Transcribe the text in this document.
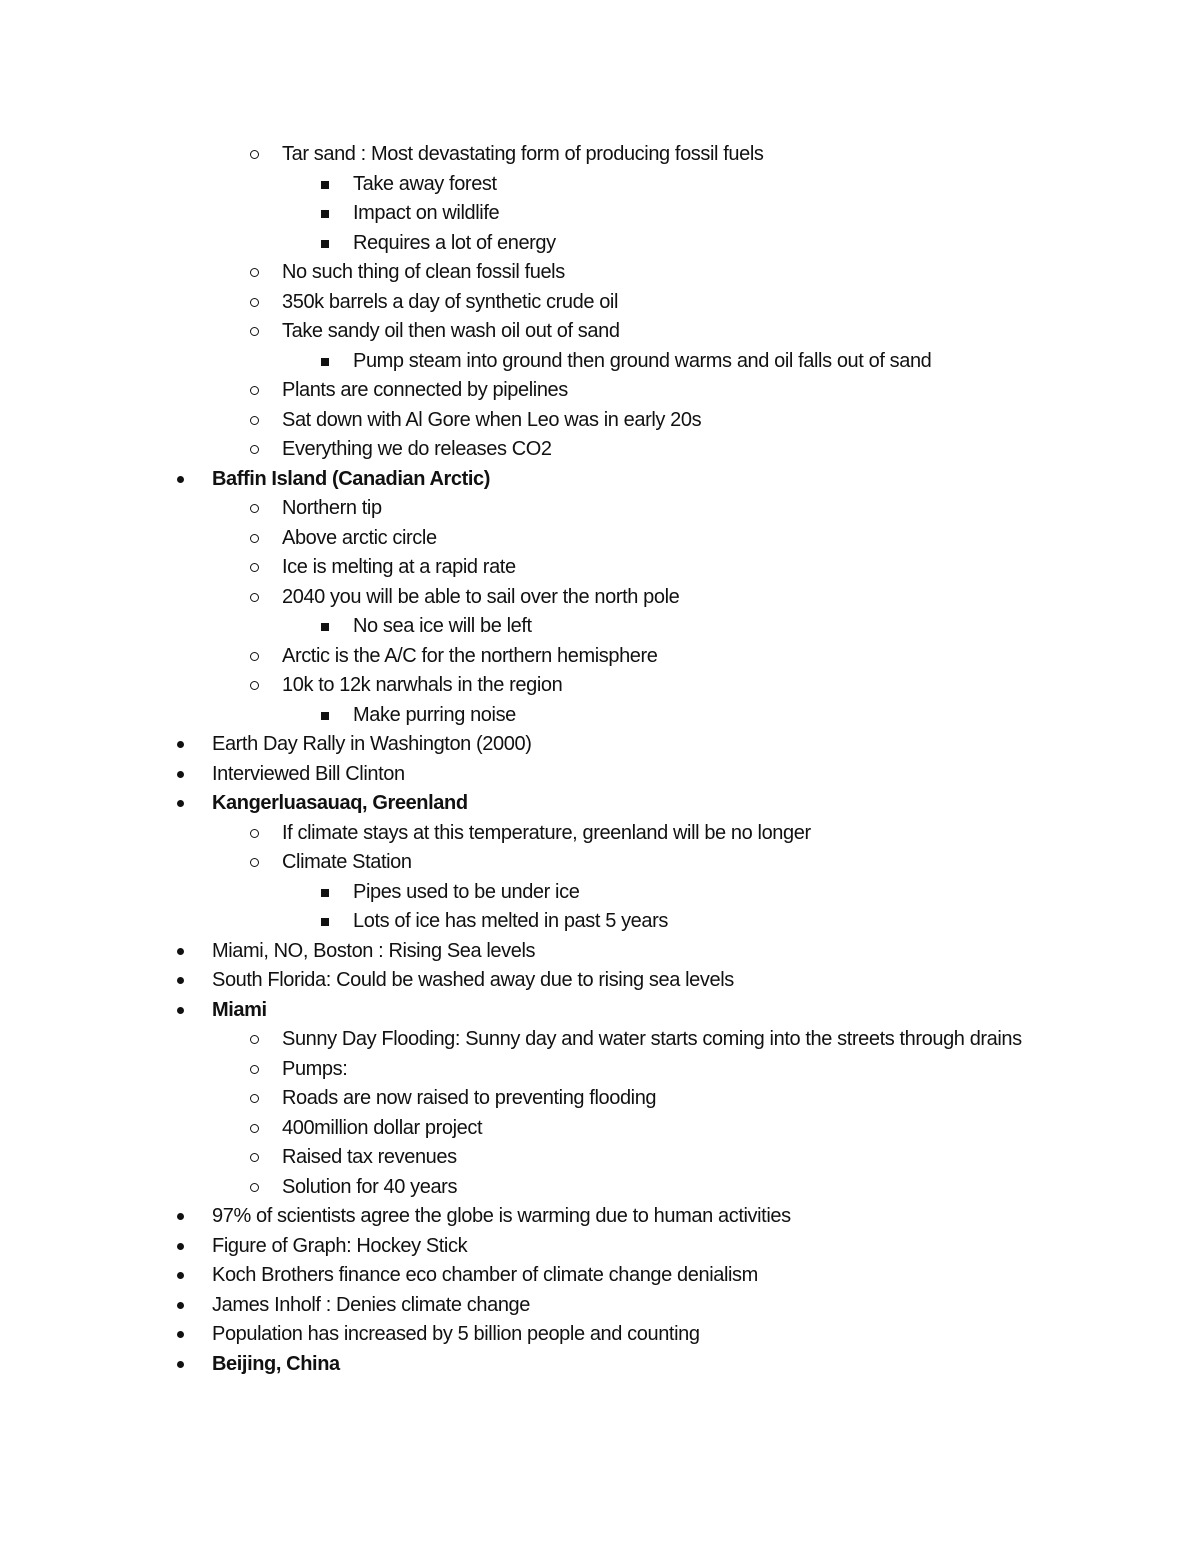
Tar sand : Most devastating form of producing fossil fuels
Take away forest
Impact on wildlife
Requires a lot of energy
No such thing of clean fossil fuels
350k barrels a day of synthetic crude oil
Take sandy oil then wash oil out of sand
Pump steam into ground then ground warms and oil falls out of sand
Plants are connected by pipelines
Sat down with Al Gore when Leo was in early 20s
Everything we do releases CO2
Baffin Island (Canadian Arctic)
Northern tip
Above arctic circle
Ice is melting at a rapid rate
2040 you will be able to sail over the north pole
No sea ice will be left
Arctic is the A/C for the northern hemisphere
10k to 12k narwhals in the region
Make purring noise
Earth Day Rally in Washington (2000)
Interviewed Bill Clinton
Kangerluasauaq, Greenland
If climate stays at this temperature, greenland will be no longer
Climate Station
Pipes used to be under ice
Lots of ice has melted in past 5 years
Miami, NO, Boston : Rising Sea levels
South Florida: Could be washed away due to rising sea levels
Miami
Sunny Day Flooding: Sunny day and water starts coming into the streets through drains
Pumps:
Roads are now raised to preventing flooding
400million dollar project
Raised tax revenues
Solution for 40 years
97% of scientists agree the globe is warming due to human activities
Figure of Graph: Hockey Stick
Koch Brothers finance eco chamber of climate change denialism
James Inholf : Denies climate change
Population has increased by 5 billion people and counting
Beijing, China
